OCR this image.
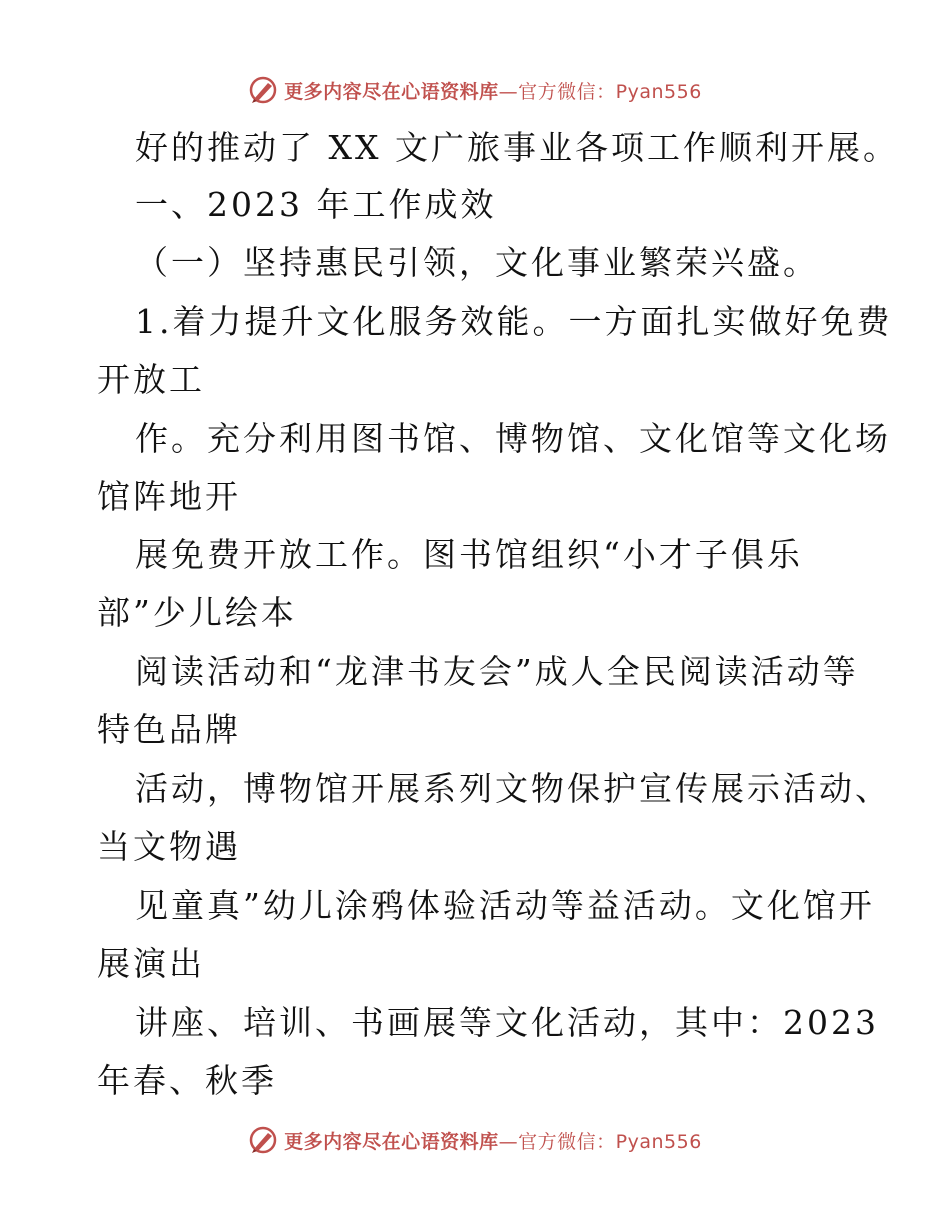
更多内容尽在心语资料库—官方微信：Pyan556
好的推动了 XX 文广旅事业各项工作顺利开展。
一、2023 年工作成效
（一）坚持惠民引领，文化事业繁荣兴盛。
1.着力提升文化服务效能。一方面扎实做好免费
开放工
作。充分利用图书馆、博物馆、文化馆等文化场
馆阵地开
展免费开放工作。图书馆组织“小才子俱乐
部”少儿绘本
阅读活动和“龙津书友会”成人全民阅读活动等
特色品牌
活动，博物馆开展系列文物保护宣传展示活动、
当文物遇
见童真”幼儿涂鸦体验活动等益活动。文化馆开
展演出
讲座、培训、书画展等文化活动，其中：2023
年春、秋季
更多内容尽在心语资料库—官方微信：Pyan556
